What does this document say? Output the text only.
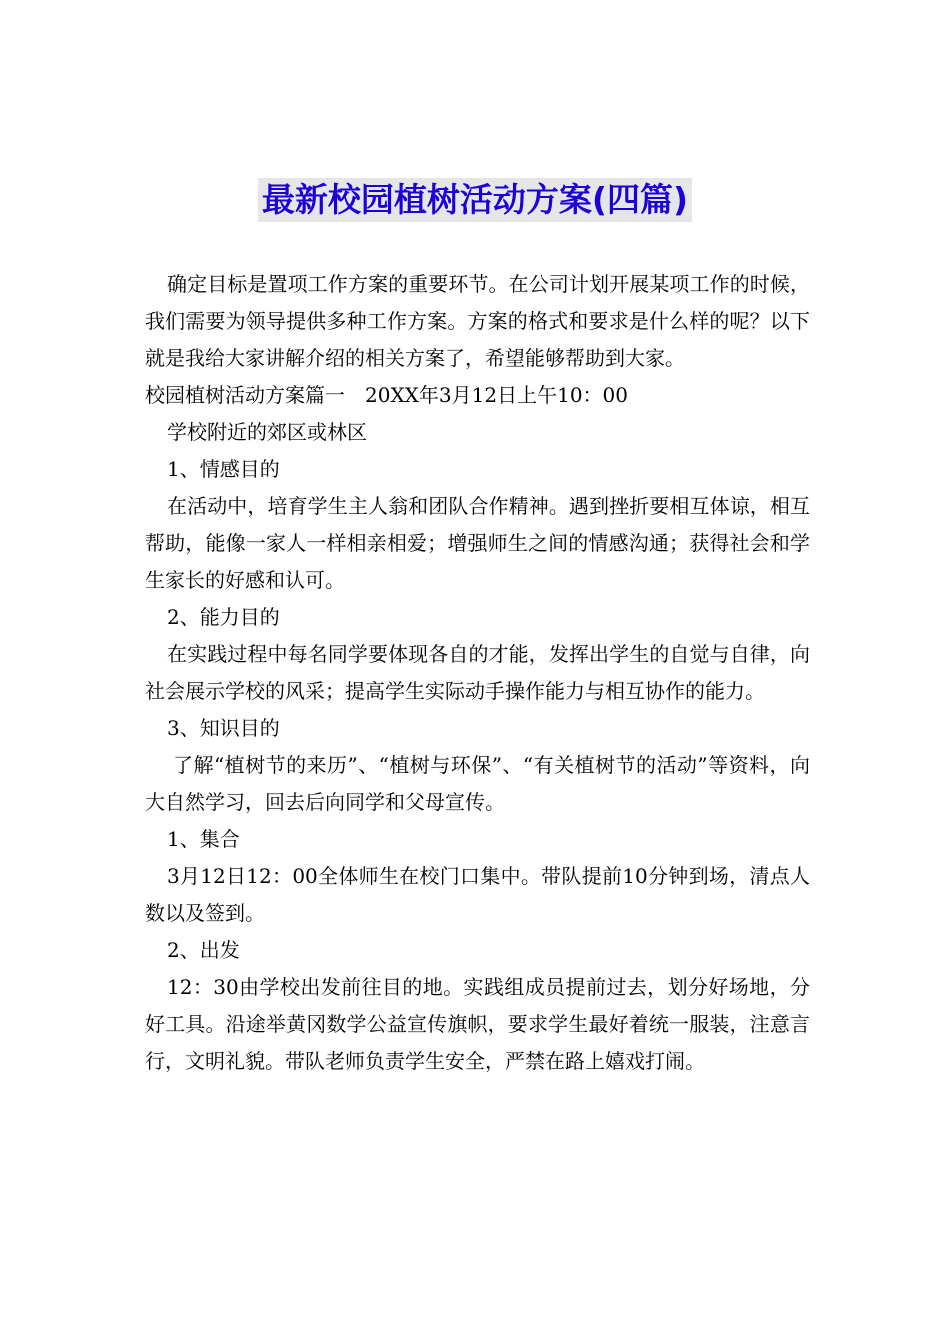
最新校园植树活动方案(四篇)

确定目标是置项工作方案的重要环节。在公司计划开展某项工作的时候，我们需要为领导提供多种工作方案。方案的格式和要求是什么样的呢？以下就是我给大家讲解介绍的相关方案了，希望能够帮助到大家。

校园植树活动方案篇一　20XX年3月12日上午10：00

学校附近的郊区或林区

1、情感目的

在活动中，培育学生主人翁和团队合作精神。遇到挫折要相互体谅，相互帮助，能像一家人一样相亲相爱；增强师生之间的情感沟通；获得社会和学生家长的好感和认可。

2、能力目的

在实践过程中每名同学要体现各自的才能，发挥出学生的自觉与自律，向社会展示学校的风采；提高学生实际动手操作能力与相互协作的能力。

3、知识目的

了解“植树节的来历”、“植树与环保”、“有关植树节的活动”等资料，向大自然学习，回去后向同学和父母宣传。

1、集合

3月12日12：00全体师生在校门口集中。带队提前10分钟到场，清点人数以及签到。

2、出发

12：30由学校出发前往目的地。实践组成员提前过去，划分好场地，分好工具。沿途举黄冈数学公益宣传旗帜，要求学生最好着统一服装，注意言行，文明礼貌。带队老师负责学生安全，严禁在路上嬉戏打闹。
